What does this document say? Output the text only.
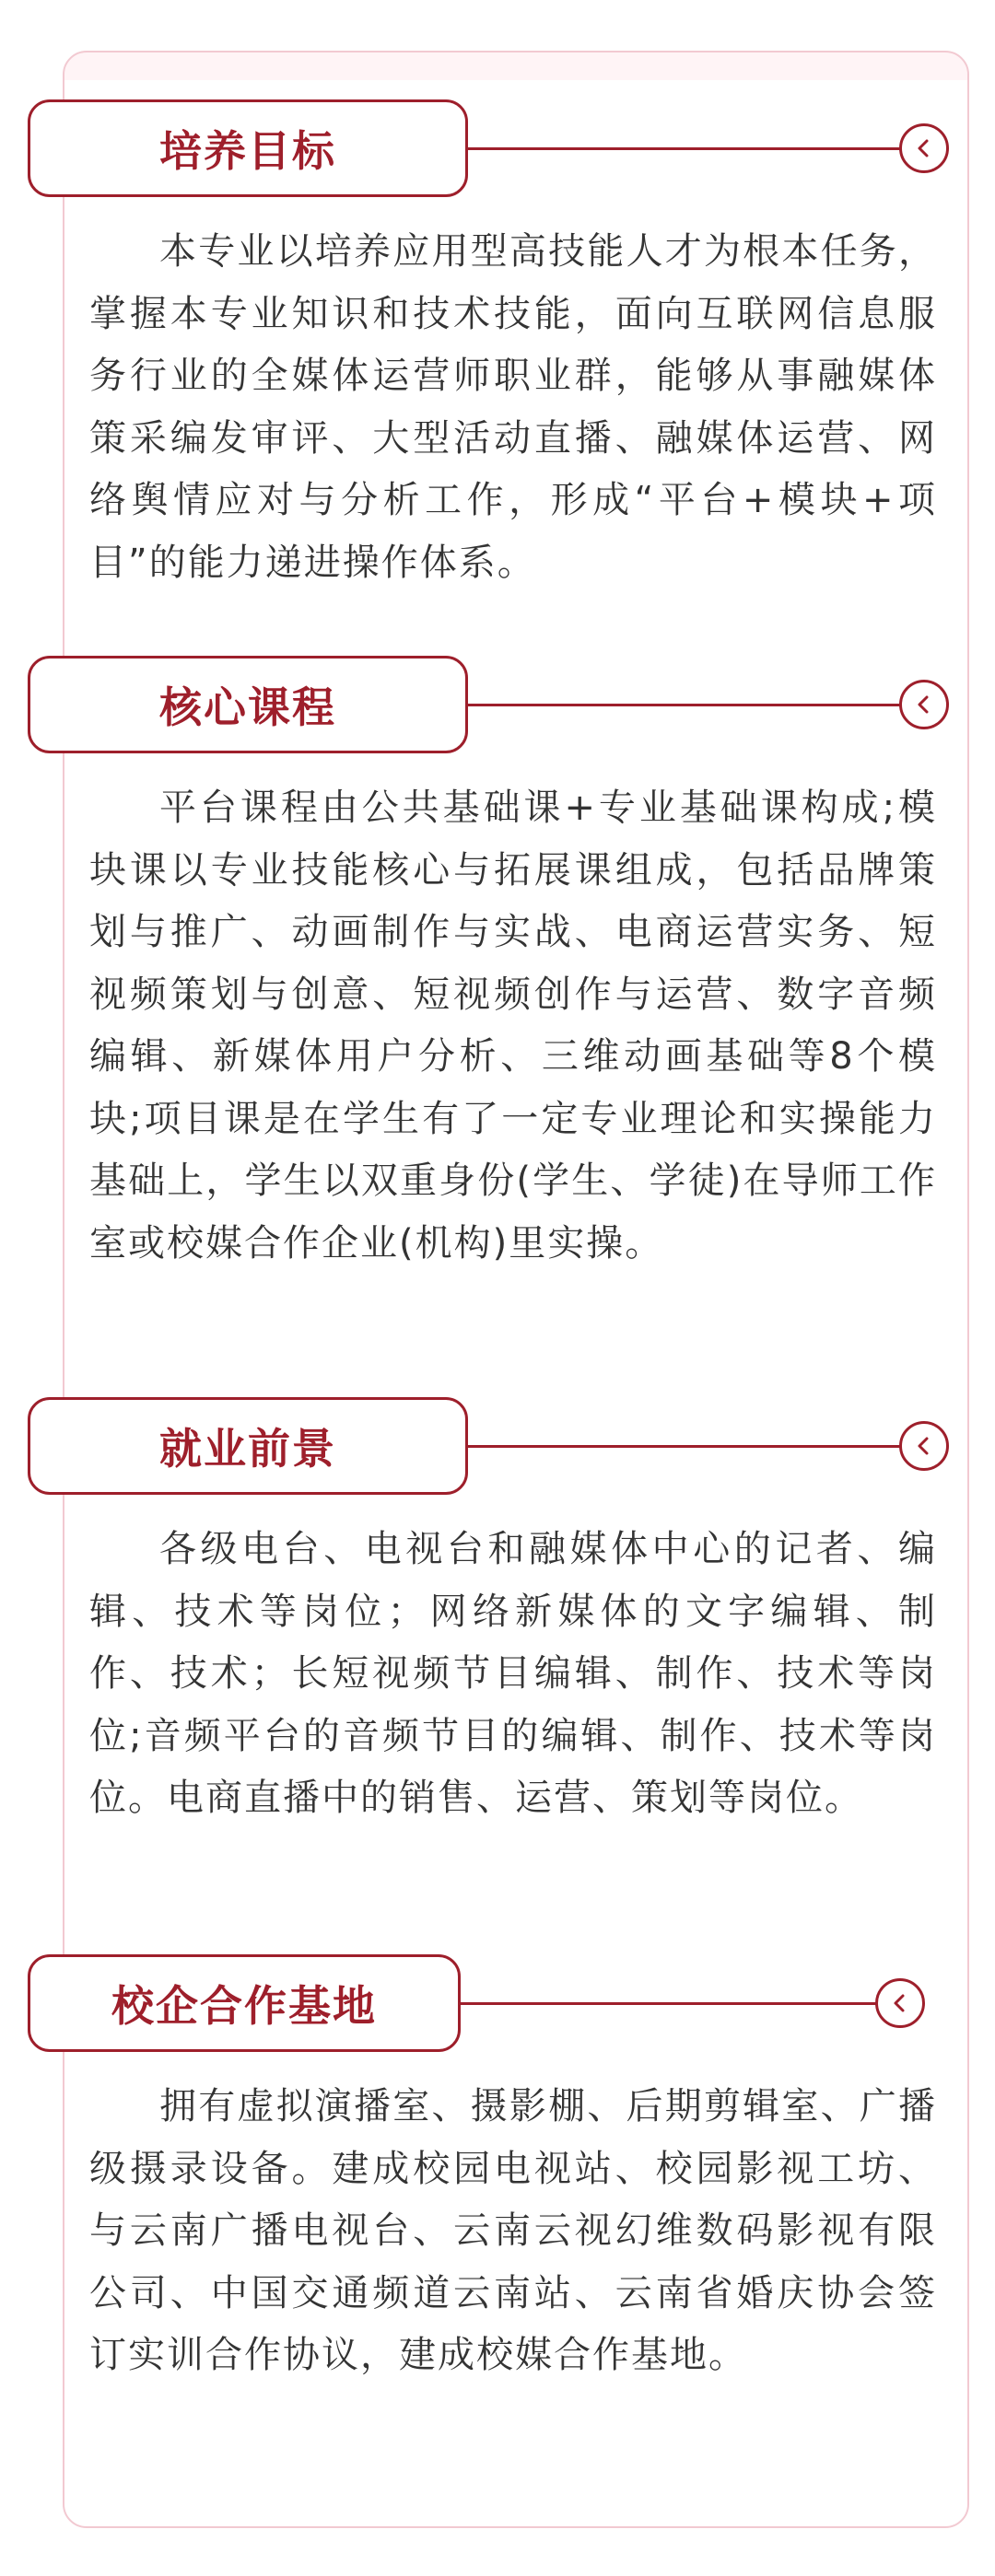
培养目标

本专业以培养应用型高技能人才为根本任务，掌握本专业知识和技术技能，面向互联网信息服务行业的全媒体运营师职业群，能够从事融媒体策采编发审评、大型活动直播、融媒体运营、网络舆情应对与分析工作，形成“平台+模块+项目”的能力递进操作体系。

核心课程

平台课程由公共基础课+专业基础课构成;模块课以专业技能核心与拓展课组成，包括品牌策划与推广、动画制作与实战、电商运营实务、短视频策划与创意、短视频创作与运营、数字音频编辑、新媒体用户分析、三维动画基础等8个模块;项目课是在学生有了一定专业理论和实操能力基础上，学生以双重身份(学生、学徒)在导师工作室或校媒合作企业(机构)里实操。

就业前景

各级电台、电视台和融媒体中心的记者、编辑、技术等岗位；网络新媒体的文字编辑、制作、技术；长短视频节目编辑、制作、技术等岗位;音频平台的音频节目的编辑、制作、技术等岗位。电商直播中的销售、运营、策划等岗位。

校企合作基地

拥有虚拟演播室、摄影棚、后期剪辑室、广播级摄录设备。建成校园电视站、校园影视工坊、与云南广播电视台、云南云视幻维数码影视有限公司、中国交通频道云南站、云南省婚庆协会签订实训合作协议，建成校媒合作基地。
